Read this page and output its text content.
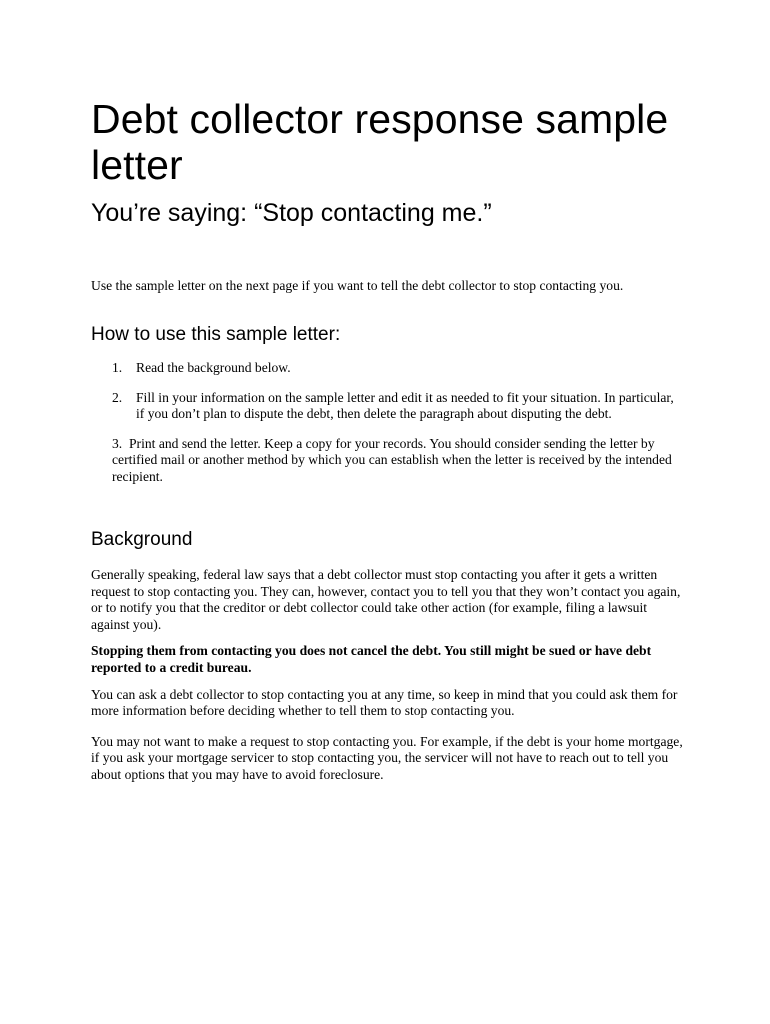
Debt collector response sample letter
You’re saying: “Stop contacting me.”

Use the sample letter on the next page if you want to tell the debt collector to stop contacting you.

How to use this sample letter:
1. Read the background below.
2. Fill in your information on the sample letter and edit it as needed to fit your situation. In particular, if you don’t plan to dispute the debt, then delete the paragraph about disputing the debt.
3. Print and send the letter. Keep a copy for your records. You should consider sending the letter by certified mail or another method by which you can establish when the letter is received by the intended recipient.
Background

Generally speaking, federal law says that a debt collector must stop contacting you after it gets a written request to stop contacting you. They can, however, contact you to tell you that they won’t contact you again, or to notify you that the creditor or debt collector could take other action (for example, filing a lawsuit against you).

Stopping them from contacting you does not cancel the debt. You still might be sued or have debt reported to a credit bureau.

You can ask a debt collector to stop contacting you at any time, so keep in mind that you could ask them for more information before deciding whether to tell them to stop contacting you.

You may not want to make a request to stop contacting you. For example, if the debt is your home mortgage, if you ask your mortgage servicer to stop contacting you, the servicer will not have to reach out to tell you about options that you may have to avoid foreclosure.
